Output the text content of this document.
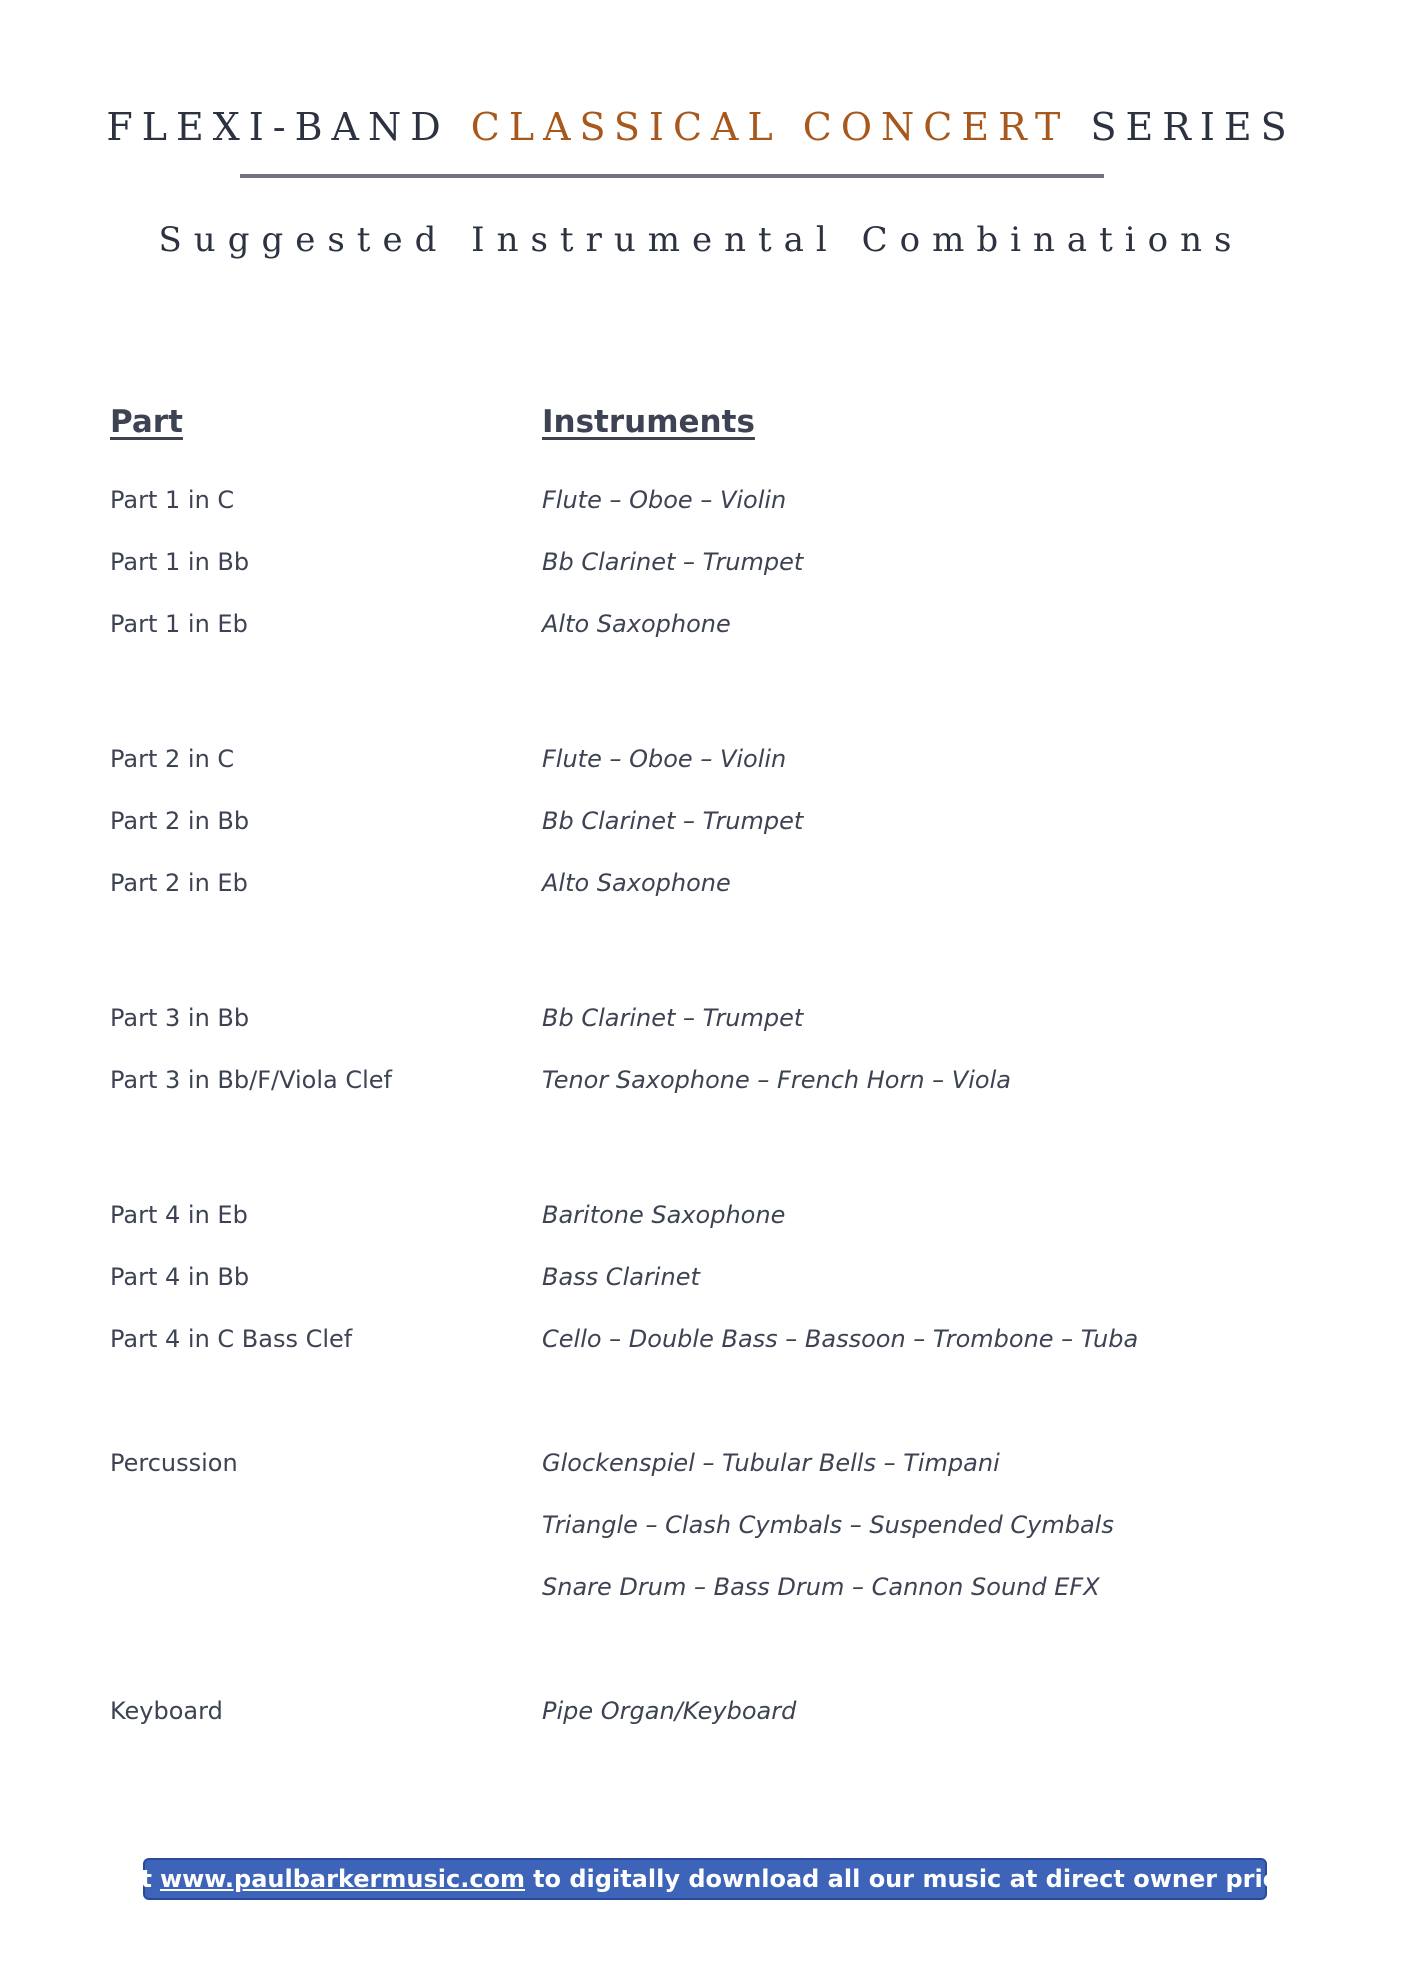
FLEXI-BAND CLASSICAL CONCERT SERIES
Suggested Instrumental Combinations
Part	Instruments
Part 1 in C	Flute – Oboe – Violin
Part 1 in Bb	Bb Clarinet – Trumpet
Part 1 in Eb	Alto Saxophone
Part 2 in C	Flute – Oboe – Violin
Part 2 in Bb	Bb Clarinet – Trumpet
Part 2 in Eb	Alto Saxophone
Part 3 in Bb	Bb Clarinet – Trumpet
Part 3 in Bb/F/Viola Clef	Tenor Saxophone – French Horn – Viola
Part 4 in Eb	Baritone Saxophone
Part 4 in Bb	Bass Clarinet
Part 4 in C Bass Clef	Cello – Double Bass – Bassoon – Trombone – Tuba
Percussion	Glockenspiel – Tubular Bells – Timpani
Triangle – Clash Cymbals – Suspended Cymbals
Snare Drum – Bass Drum – Cannon Sound EFX
Keyboard	Pipe Organ/Keyboard
Visit www.paulbarkermusic.com to digitally download all our music at direct owner prices!
